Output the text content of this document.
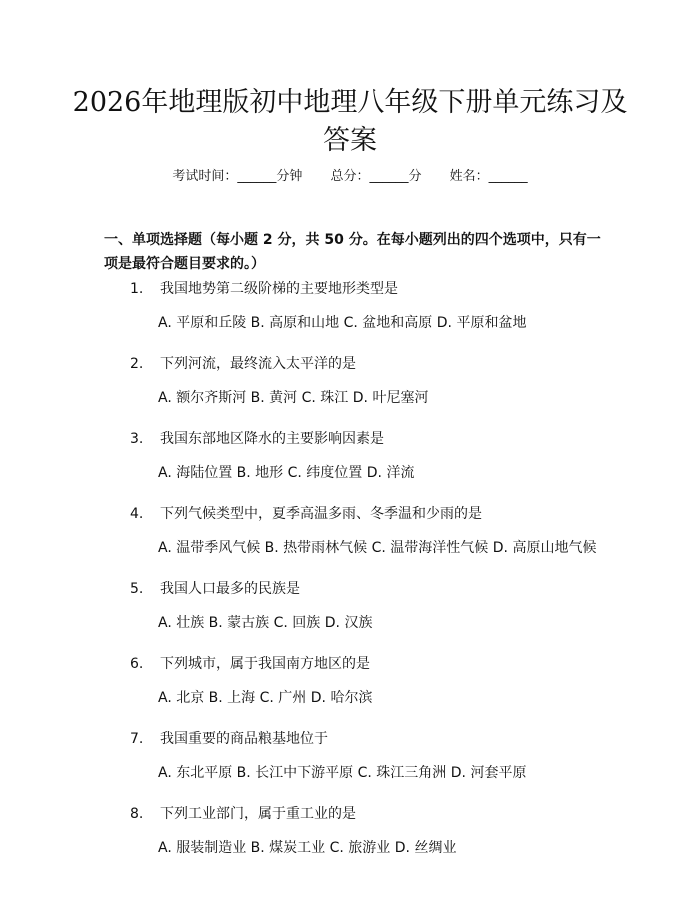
2026年地理版初中地理八年级下册单元练习及答案
考试时间：______分钟 总分：______分 姓名：______

一、单项选择题（每小题 2 分，共 50 分。在每小题列出的四个选项中，只有一项是最符合题目要求的。）

1.	我国地势第二级阶梯的主要地形类型是
A. 平原和丘陵 B. 高原和山地 C. 盆地和高原 D. 平原和盆地
2.	下列河流，最终流入太平洋的是
A. 额尔齐斯河 B. 黄河 C. 珠江 D. 叶尼塞河
3.	我国东部地区降水的主要影响因素是
A. 海陆位置 B. 地形 C. 纬度位置 D. 洋流
4.	下列气候类型中，夏季高温多雨、冬季温和少雨的是
A. 温带季风气候 B. 热带雨林气候 C. 温带海洋性气候 D. 高原山地气候
5.	我国人口最多的民族是
A. 壮族 B. 蒙古族 C. 回族 D. 汉族
6.	下列城市，属于我国南方地区的是
A. 北京 B. 上海 C. 广州 D. 哈尔滨
7.	我国重要的商品粮基地位于
A. 东北平原 B. 长江中下游平原 C. 珠江三角洲 D. 河套平原
8.	下列工业部门，属于重工业的是
A. 服装制造业 B. 煤炭工业 C. 旅游业 D. 丝绸业
